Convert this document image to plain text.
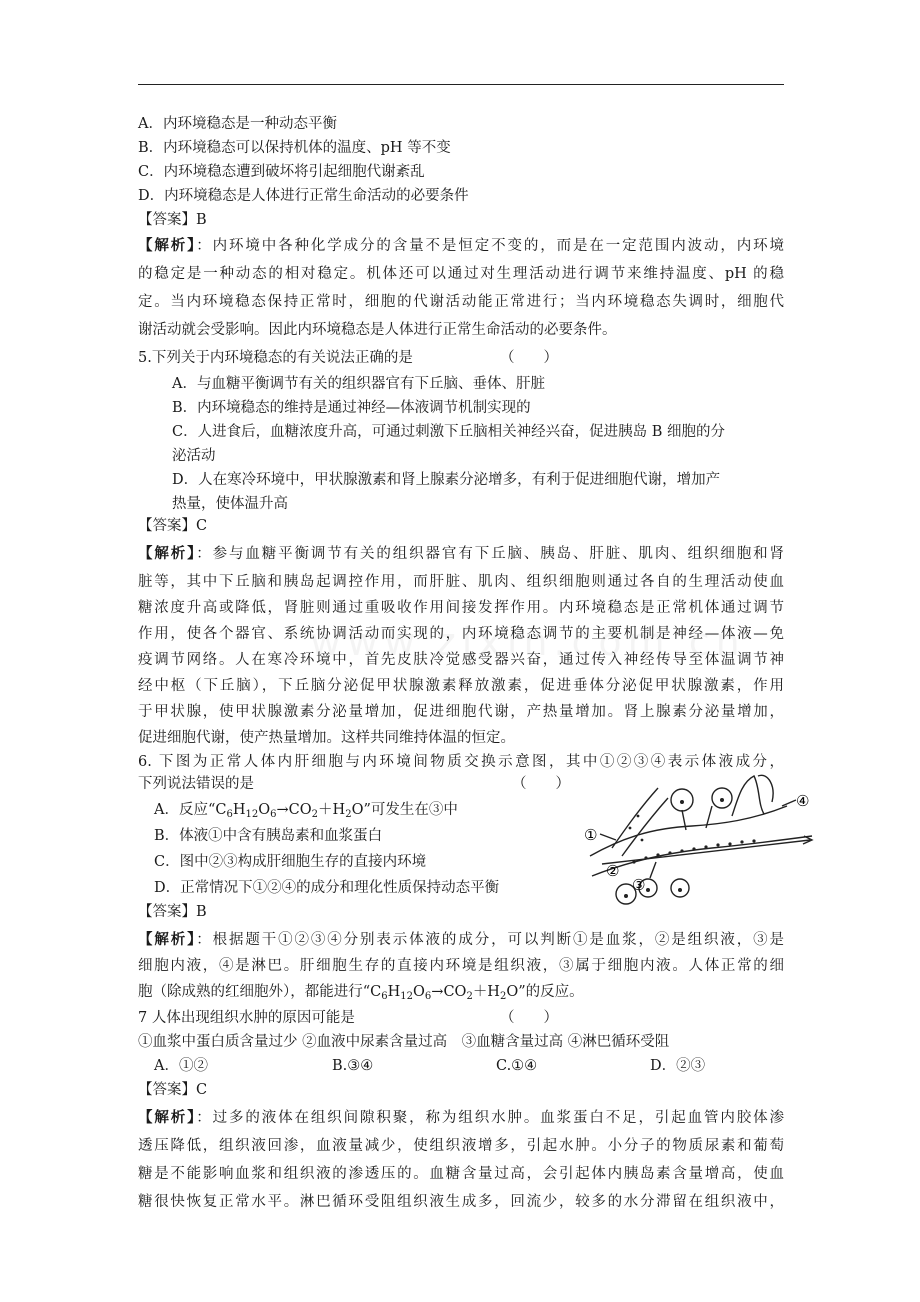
A．内环境稳态是一种动态平衡
B．内环境稳态可以保持机体的温度、pH 等不变
C．内环境稳态遭到破坏将引起细胞代谢紊乱
D．内环境稳态是人体进行正常生命活动的必要条件
【答案】B
【解析】：内环境中各种化学成分的含量不是恒定不变的，而是在一定范围内波动，内环境
的稳定是一种动态的相对稳定。机体还可以通过对生理活动进行调节来维持温度、pH 的稳
定。当内环境稳态保持正常时，细胞的代谢活动能正常进行；当内环境稳态失调时，细胞代
谢活动就会受影响。因此内环境稳态是人体进行正常生命活动的必要条件。
5.下列关于内环境稳态的有关说法正确的是	（　　）
A．与血糖平衡调节有关的组织器官有下丘脑、垂体、肝脏
B．内环境稳态的维持是通过神经—体液调节机制实现的
C．人进食后，血糖浓度升高，可通过刺激下丘脑相关神经兴奋，促进胰岛 B 细胞的分
泌活动
D．人在寒冷环境中，甲状腺激素和肾上腺素分泌增多，有利于促进细胞代谢，增加产
热量，使体温升高
【答案】C
【解析】：参与血糖平衡调节有关的组织器官有下丘脑、胰岛、肝脏、肌肉、组织细胞和肾
脏等，其中下丘脑和胰岛起调控作用，而肝脏、肌肉、组织细胞则通过各自的生理活动使血
糖浓度升高或降低，肾脏则通过重吸收作用间接发挥作用。内环境稳态是正常机体通过调节
作用，使各个器官、系统协调活动而实现的，内环境稳态调节的主要机制是神经—体液—免
疫调节网络。人在寒冷环境中，首先皮肤冷觉感受器兴奋，通过传入神经传导至体温调节神
经中枢（下丘脑），下丘脑分泌促甲状腺激素释放激素，促进垂体分泌促甲状腺激素，作用
于甲状腺，使甲状腺激素分泌量增加，促进细胞代谢，产热量增加。肾上腺素分泌量增加，
促进细胞代谢，使产热量增加。这样共同维持体温的恒定。
6. 下图为正常人体内肝细胞与内环境间物质交换示意图，其中①②③④表示体液成分，
下列说法错误的是	（　　）
A．反应“$C_6H_{12}O_6\to CO_2+H_2O$”可发生在③中
B．体液①中含有胰岛素和血浆蛋白
C．图中②③构成肝细胞生存的直接内环境
D．正常情况下①②④的成分和理化性质保持动态平衡
【答案】B
【解析】：根据题干①②③④分别表示体液的成分，可以判断①是血浆，②是组织液，③是
细胞内液，④是淋巴。肝细胞生存的直接内环境是组织液，③属于细胞内液。人体正常的细
胞（除成熟的红细胞外），都能进行“$C_6H_{12}O_6\to CO_2+H_2O$”的反应。
①
②
③
④
7 人体出现组织水肿的原因可能是	（　　）
①血浆中蛋白质含量过少 ②血液中尿素含量过高　③血糖含量过高 ④淋巴循环受阻
A．①②	B.③④	C.①④	D．②③
【答案】C
【解析】：过多的液体在组织间隙积聚，称为组织水肿。血浆蛋白不足，引起血管内胶体渗
透压降低，组织液回渗，血液量减少，使组织液增多，引起水肿。小分子的物质尿素和葡萄
糖是不能影响血浆和组织液的渗透压的。血糖含量过高，会引起体内胰岛素含量增高，使血
糖很快恢复正常水平。淋巴循环受阻组织液生成多，回流少，较多的水分滞留在组织液中，
